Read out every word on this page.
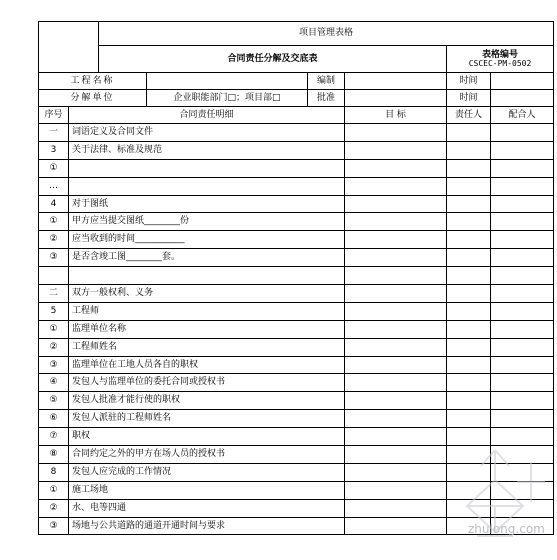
		项目管理表格					
		合同责任分解及交底表				表格编号
CSCEC-PM-0502	

工程名称				编制		时间	
分解单位			企业职能部门□；项目部□	批准		时间	
序号	合同责任明细				目 标	责任人	配合人
一	词语定义及合同文件						
3	关于法律、标准及规范						
①							
…							
4	对于图纸						
①	甲方应当提交图纸________份						
②	应当收到的时间___________						
③	是否含竣工图________套。						

二	双方一般权利、义务						
5	工程师						
①	监理单位名称						
②	工程师姓名						
③	监理单位在工地人员各自的职权						
④	发包人与监理单位的委托合同或授权书						
⑤	发包人批准才能行使的职权						
⑥	发包人派驻的工程师姓名						
⑦	职权						
⑧	合同约定之外的甲方在场人员的授权书						
8	发包人应完成的工作情况						
①	施工场地						
②	水、电等四通						
③	场地与公共道路的通道开通时间与要求							zhulong.com
